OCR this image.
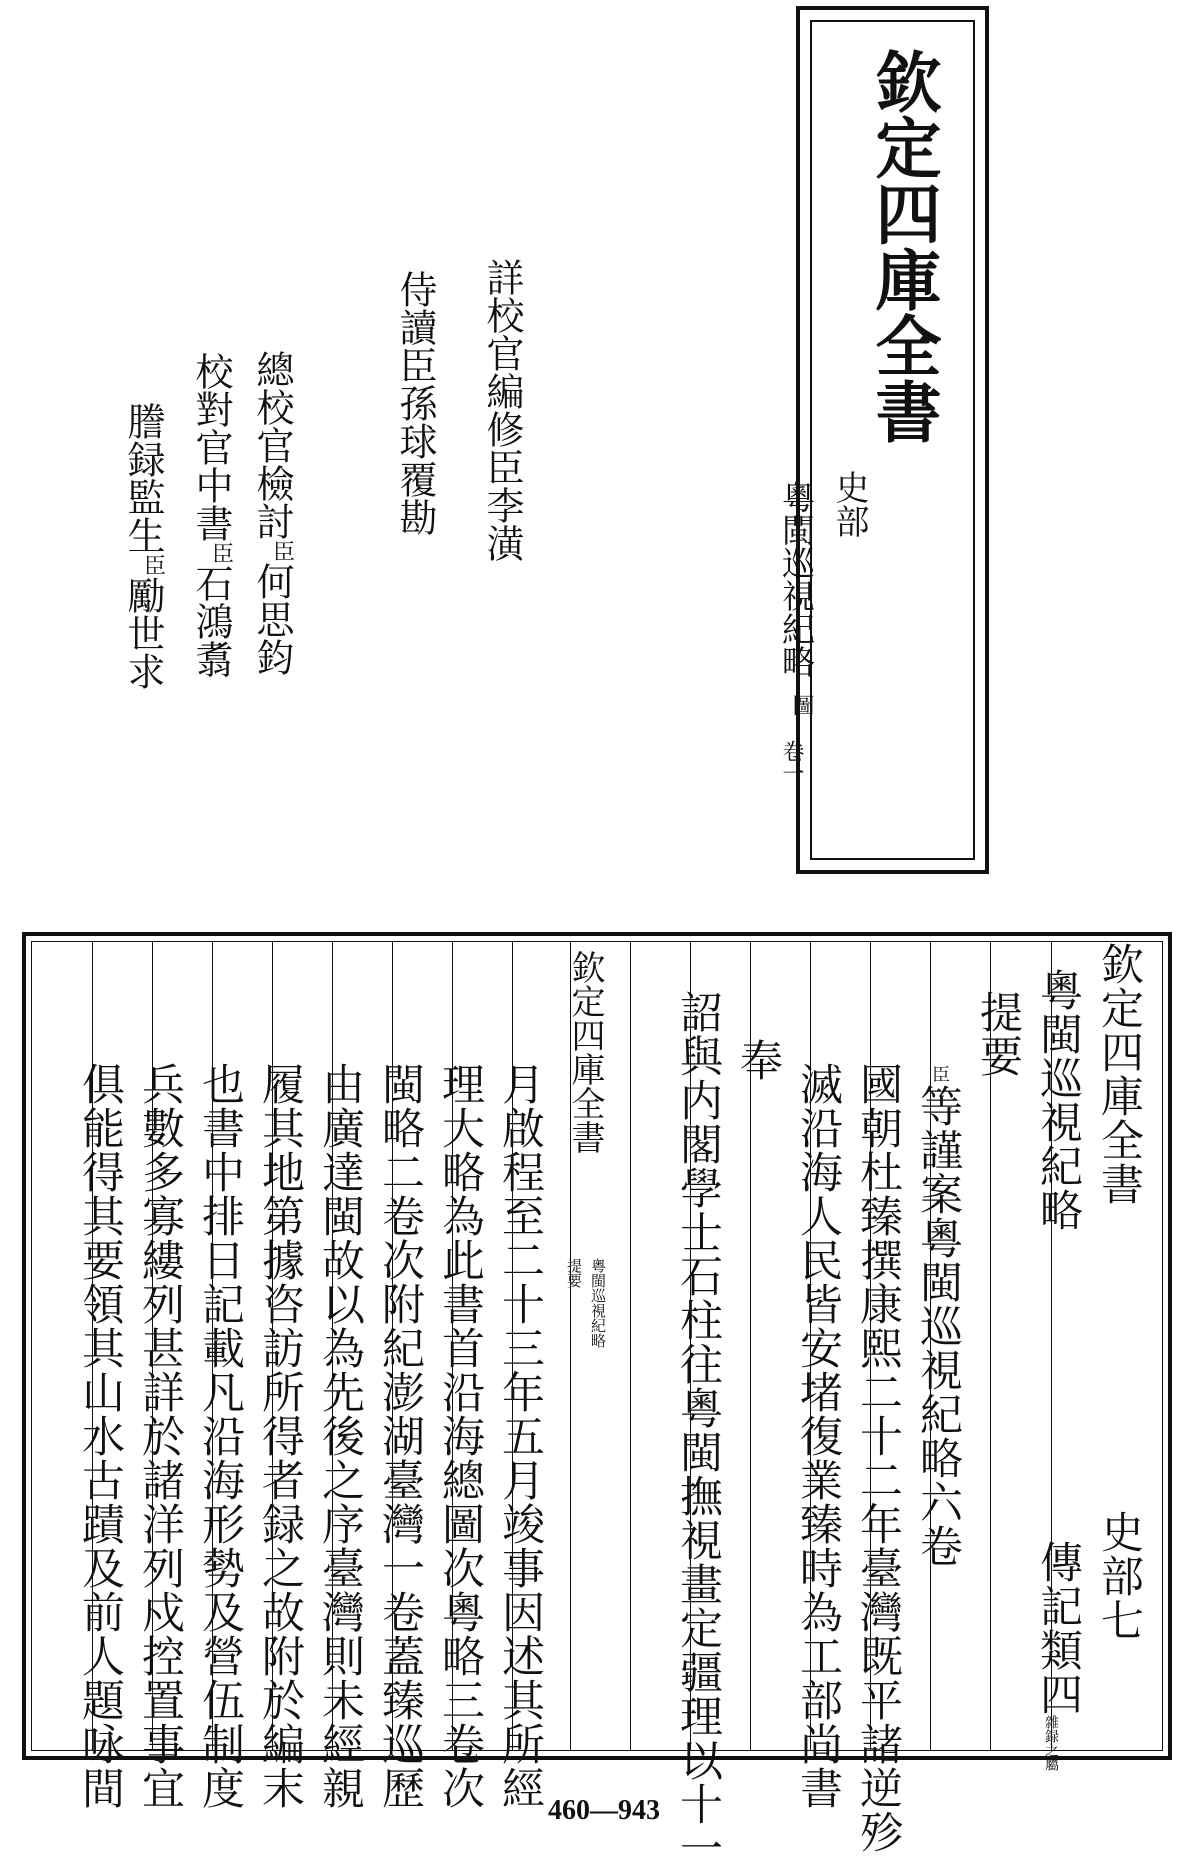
欽定四庫全書
史部
粵閩巡視紀略
圖
卷一
詳校官編修臣李潢
侍讀臣孫球覆勘
總校官檢討臣何思鈞
校對官中書臣石鴻翥
謄録監生臣勵世求
欽定四庫全書
史部七
粵閩巡視紀略
傳記類四
雜録之屬
提要
臣
等謹案粵閩巡視紀略六卷
國朝杜臻撰康熙二十二年臺灣既平諸逆殄
滅沿海人民皆安堵復業臻時為工部尚書
奉
詔與内閣學士石柱往粵閩撫視畫定疆理以十一
欽定四庫全書
粵閩巡視紀略
提要
月啟程至二十三年五月竣事因述其所經
理大略為此書首沿海總圖次粵略三卷次
閩略二卷次附紀澎湖臺灣一卷蓋臻巡歷
由廣達閩故以為先後之序臺灣則未經親
履其地第據咨訪所得者録之故附於編末
也書中排日記載凡沿海形勢及營伍制度
兵數多寡縷列甚詳於諸洋列戍控置事宜
俱能得其要領其山水古蹟及前人題咏間
460—943
